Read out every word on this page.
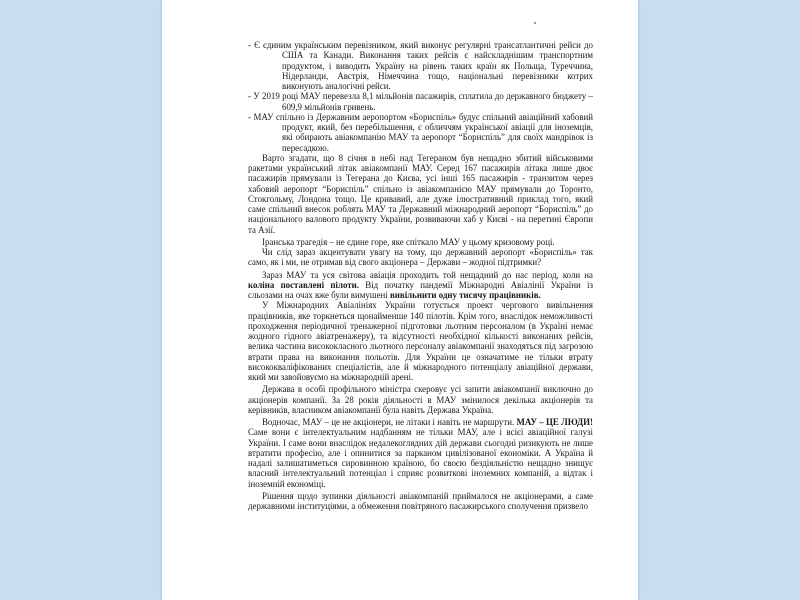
- Є єдиним українським перевізником, який виконує регулярні трансатлантичні рейси до США та Канади. Виконання таких рейсів є найскладнішим транспортним продуктом, і виводить Україну на рівень таких країн як Польща, Туреччина, Нідерланди, Австрія, Німеччина тощо, національні перевізники котрих виконують аналогічні рейси.

- У 2019 році МАУ перевезла 8,1 мільйонів пасажирів, сплатила до державного бюджету – 609,9 мільйонів гривень.

- МАУ спільно із Державним аеропортом «Бориспіль» будує спільний авіаційний хабовий продукт, який, без перебільшення, є обличчям української авіації для іноземців, які обирають авіакомпанію МАУ та аеропорт “Бориспіль” для своїх мандрівок із пересадкою.

Варто згадати, що 8 січня в небі над Тегераном був нещадно збитий військовими ракетами український літак авіакомпанії МАУ. Серед 167 пасажирів літака лише двоє пасажирів прямували із Тегерана до Києва, усі інші 165 пасажирів - транзитом через хабовий аеропорт “Бориспіль” спільно із авіакомпанією МАУ прямували до Торонто, Стокгольму, Лондона тощо. Це кривавий, але дуже ілюстративний приклад того, який саме спільний внесок роблять МАУ та Державний міжнародний аеропорт “Бориспіль” до національного валового продукту України, розвиваючи хаб у Києві - на перетині Європи та Азії.

Іранська трагедія – не єдине горе, яке спіткало МАУ у цьому кризовому році.

Чи слід зараз акцентувати увагу на тому, що державний аеропорт «Бориспіль» так само, як і ми, не отримав від свого акціонера – Держави – жодної підтримки?

Зараз МАУ та уся світова авіація проходить той нещадний до нас період, коли на коліна поставлені пілоти. Від початку пандемії Міжнародні Авіалінії України із сльозами на очах вже були вимушені вивільнити одну тисячу працівників.

У Міжнародних Авіалініях України готується проект чергового вивільнення працівників, яке торкнеться щонайменше 140 пілотів. Крім того, внаслідок неможливості проходження періодичної тренажерної підготовки льотним персоналом (в Україні немає жодного гідного авіатренажеру), та відсутності необхідної кількості виконаних рейсів, велика частина висококласного льотного персоналу авіакомпанії знаходяться під загрозою втрати права на виконання польотів. Для України це означатиме не тільки втрату висококваліфікованих спеціалістів, але й міжнародного потенціалу авіаційної держави, який ми завойовуємо на міжнародній арені.

Держава в особі профільного міністра скеровує усі запити авіакомпанії виключно до акціонерів компанії. За 28 років діяльності в МАУ змінилося декілька акціонерів та керівників, власником авіакомпанії була навіть Держава Україна.

Водночас, МАУ – це не акціонери, не літаки і навіть не маршрути. МАУ – ЦЕ ЛЮДИ! Саме вони є інтелектуальним надбанням не тільки МАУ, але і всієї авіаційної галузі України. І саме вони внаслідок недалекоглядних дій держави сьогодні ризикують не лише втратити професію, але і опинитися за парканом цивілізованої економіки. А Україна й надалі залишатиметься сировинною країною, бо своєю бездіяльністю нещадно знищує власний інтелектуальний потенціал і сприяє розвиткові іноземних компаній, а відтак і іноземній економіці.

Рішення щодо зупинки діяльності авіакомпаній приймалося не акціонерами, а саме державними інституціями, а обмеження повітряного пасажирського сполучення призвело
